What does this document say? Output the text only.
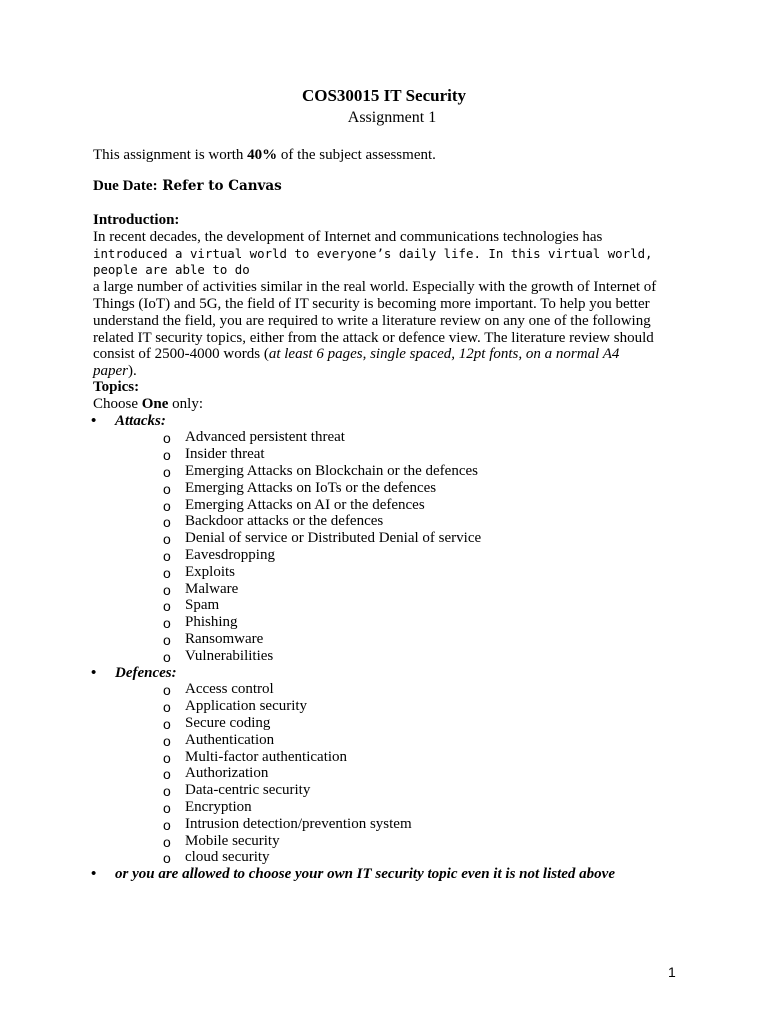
COS30015 IT Security
Assignment 1
This assignment is worth 40% of the subject assessment.
Due Date: Refer to Canvas
Introduction:
In recent decades, the development of Internet and communications technologies has
introduced a virtual world to everyone’s daily life. In this virtual world, people are able to do
a large number of activities similar in the real world. Especially with the growth of Internet of
Things (IoT) and 5G, the field of IT security is becoming more important. To help you better
understand the field, you are required to write a literature review on any one of the following
related IT security topics, either from the attack or defence view. The literature review should
consist of 2500-4000 words (at least 6 pages, single spaced, 12pt fonts, on a normal A4
paper).
Topics:
Choose One only:
• Attacks:
o Advanced persistent threat
o Insider threat
o Emerging Attacks on Blockchain or the defences
o Emerging Attacks on IoTs or the defences
o Emerging Attacks on AI or the defences
o Backdoor attacks or the defences
o Denial of service or Distributed Denial of service
o Eavesdropping
o Exploits
o Malware
o Spam
o Phishing
o Ransomware
o Vulnerabilities
• Defences:
o Access control
o Application security
o Secure coding
o Authentication
o Multi-factor authentication
o Authorization
o Data-centric security
o Encryption
o Intrusion detection/prevention system
o Mobile security
o cloud security
• or you are allowed to choose your own IT security topic even it is not listed above
1
